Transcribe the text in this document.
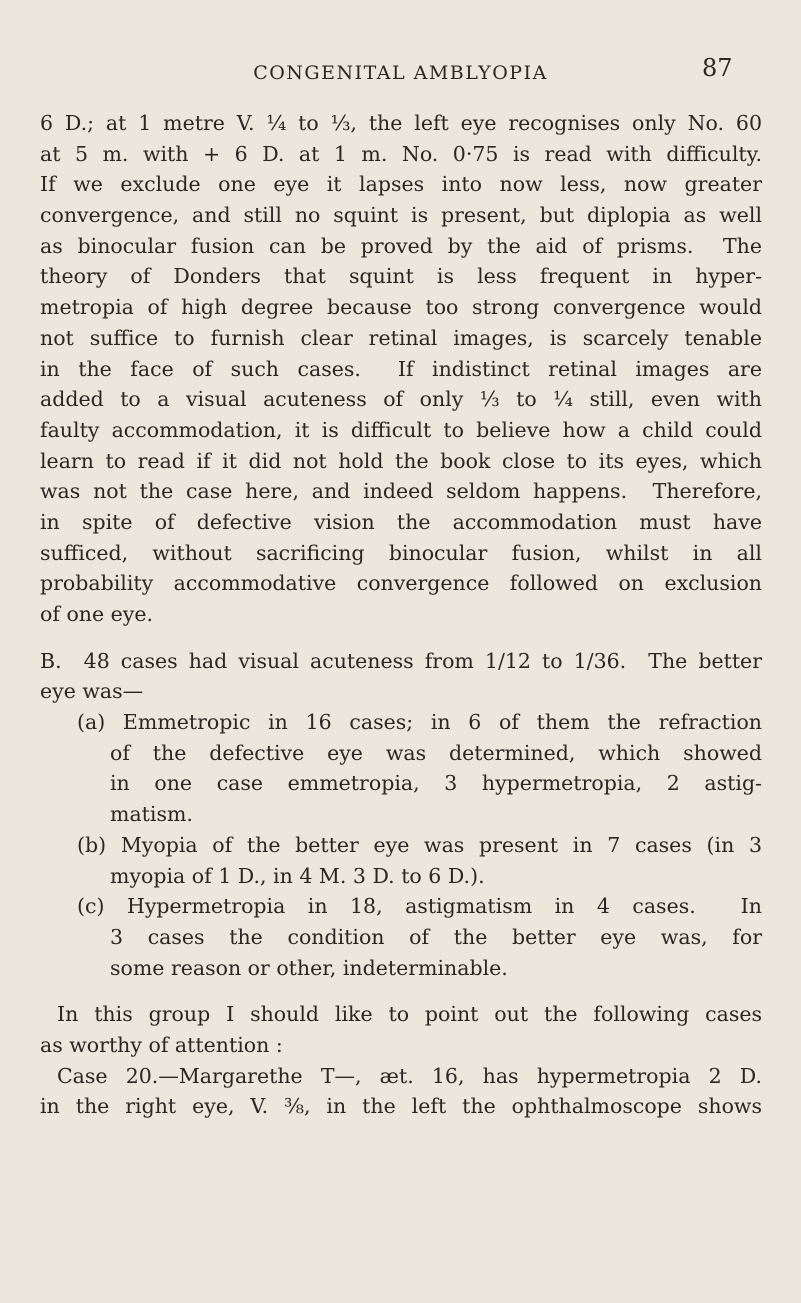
CONGENITAL AMBLYOPIA	87
6 D.; at 1 metre V. ¼ to ⅓, the left eye recognises only No. 60
at 5 m. with + 6 D. at 1 m. No. 0·75 is read with difficulty.
If we exclude one eye it lapses into now less, now greater
convergence, and still no squint is present, but diplopia as well
as binocular fusion can be proved by the aid of prisms.  The
theory of Donders that squint is less frequent in hyper-
metropia of high degree because too strong convergence would
not suffice to furnish clear retinal images, is scarcely tenable
in the face of such cases.  If indistinct retinal images are
added to a visual acuteness of only ⅓ to ¼ still, even with
faulty accommodation, it is difficult to believe how a child could
learn to read if it did not hold the book close to its eyes, which
was not the case here, and indeed seldom happens.  Therefore,
in spite of defective vision the accommodation must have
sufficed, without sacrificing binocular fusion, whilst in all
probability accommodative convergence followed on exclusion
of one eye.
B.  48 cases had visual acuteness from 1/12 to 1/36.  The better
eye was—
(a) Emmetropic in 16 cases; in 6 of them the refraction
of the defective eye was determined, which showed
in one case emmetropia, 3 hypermetropia, 2 astig-
matism.
(b) Myopia of the better eye was present in 7 cases (in 3
myopia of 1 D., in 4 M. 3 D. to 6 D.).
(c) Hypermetropia in 18, astigmatism in 4 cases.  In
3 cases the condition of the better eye was, for
some reason or other, indeterminable.
In this group I should like to point out the following cases
as worthy of attention :
Case 20.—Margarethe T—, æt. 16, has hypermetropia 2 D.
in the right eye, V. ⅜, in the left the ophthalmoscope shows
